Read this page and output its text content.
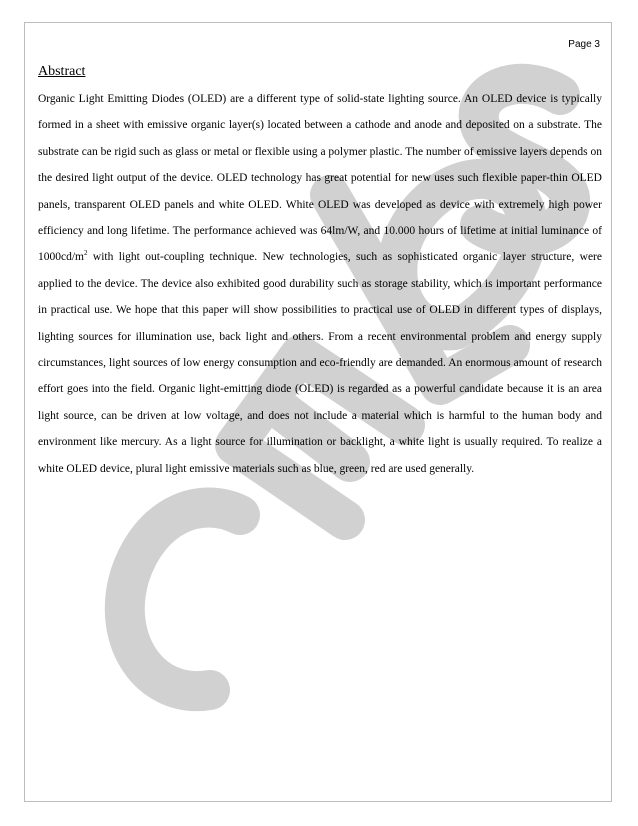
Page 3
Abstract

Organic Light Emitting Diodes (OLED) are a different type of solid-state lighting source. An OLED device is typically formed in a sheet with emissive organic layer(s) located between a cathode and anode and deposited on a substrate. The substrate can be rigid such as glass or metal or flexible using a polymer plastic. The number of emissive layers depends on the desired light output of the device. OLED technology has great potential for new uses such flexible paper-thin OLED panels, transparent OLED panels and white OLED. White OLED was developed as device with extremely high power efficiency and long lifetime. The performance achieved was 64lm/W, and 10.000 hours of lifetime at initial luminance of $1000cd/m^2$ with light out-coupling technique. New technologies, such as sophisticated organic layer structure, were applied to the device. The device also exhibited good durability such as storage stability, which is important performance in practical use. We hope that this paper will show possibilities to practical use of OLED in different types of displays, lighting sources for illumination use, back light and others. From a recent environmental problem and energy supply circumstances, light sources of low energy consumption and eco-friendly are demanded. An enormous amount of research effort goes into the field. Organic light-emitting diode (OLED) is regarded as a powerful candidate because it is an area light source, can be driven at low voltage, and does not include a material which is harmful to the human body and environment like mercury. As a light source for illumination or backlight, a white light is usually required. To realize a white OLED device, plural light emissive materials such as blue, green, red are used generally.
